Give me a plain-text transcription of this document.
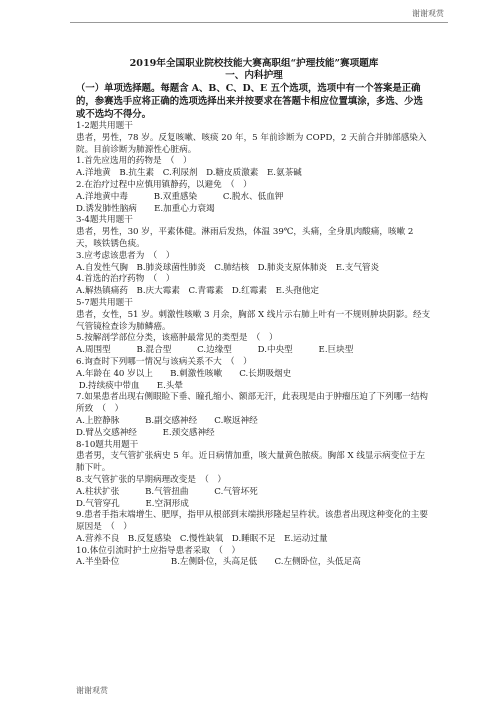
谢谢观赏
2019年全国职业院校技能大赛高职组“护理技能”赛项题库
一、内科护理
（一）单项选择题。每题含 A、B、C、D、E 五个选项，选项中有一个答案是正确的，参赛选手应将正确的选项选择出来并按要求在答题卡相应位置填涂，多选、少选或不选均不得分。
1-2题共用题干
患者，男性，78 岁。反复咳嗽、咳痰 20 年，5 年前诊断为 COPD，2 天前合并肺部感染入院。目前诊断为肺源性心脏病。
1.首先应选用的药物是　（　）
A.洋地黄　B.抗生素　C.利尿剂　D.糖皮质激素　E.氨茶碱
2.在治疗过程中应慎用镇静药，以避免　（　）
A.洋地黄中毒　　　B.双重感染　　　C.脱水、低血钾
D.诱发肺性脑病　　E.加重心力衰竭
3-4题共用题干
患者，男性，30 岁，平素体健。淋雨后发热，体温 39℃，头痛，全身肌肉酸痛，咳嗽 2 天，咳铁锈色痰。
3.应考虑该患者为　（　）
A.自发性气胸　B.肺炎球菌性肺炎　C.肺结核　D.肺炎支原体肺炎　E.支气管炎
4.首选的治疗药物　（　）
A.解热镇痛药　B.庆大霉素　C.青霉素　D.红霉素　E.头孢他定
5-7题共用题干
患者，女性，51 岁。刺激性咳嗽 3 月余，胸部 X 线片示右肺上叶有一不规则肿块阴影。经支气管镜检查诊为肺鳞癌。
5.按解剖学部位分类，该癌肿最常见的类型是　（　）
A.周围型　　　B.混合型　　　C.边缘型　　　D.中央型　　　E.巨块型
6.询查时下列哪一情况与该病关系不大　（　）
A.年龄在 40 岁以上　　B.刺激性咳嗽　　C.长期吸烟史
D.持续痰中带血　　E.头晕
7.如果患者出现右侧眼睑下垂、瞳孔缩小、额部无汗，此表现是由于肿瘤压迫了下列哪一结构所致　（　）
A.上腔静脉　　　B.副交感神经　　C.喉返神经
D.臂丛交感神经　　　E.颈交感神经
8-10题共用题干
患者男，支气管扩张病史 5 年。近日病情加重，咳大量黄色脓痰。胸部 X 线显示病变位于左肺下叶。
8.支气管扩张的早期病理改变是　（　）
A.柱状扩张　　　B.气管扭曲　　　C.气管坏死
D.气管穿孔　　　E.空洞形成
9.患者手指末端增生、肥厚，指甲从根部到末端拱形隆起呈杵状。该患者出现这种变化的主要原因是　（　）
A.营养不良　B.反复感染　C.慢性缺氧　D.睡眠不足　E.运动过量
10.体位引流时护士应指导患者采取　（　）
A.半坐卧位　　　　　　B.左侧卧位，头高足低　　C.左侧卧位，头低足高
谢谢观赏
